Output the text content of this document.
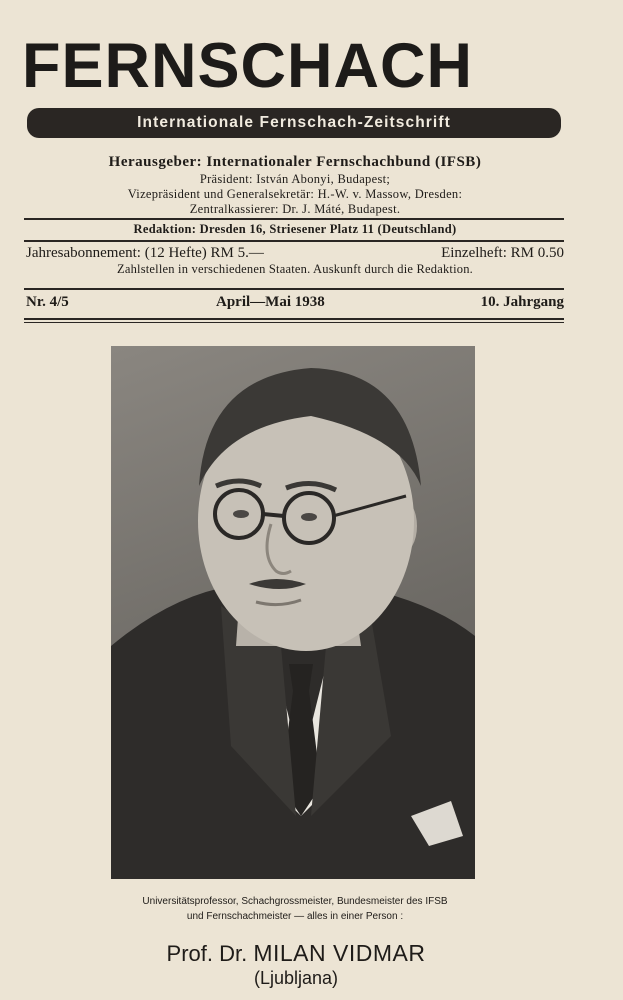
FERNSCHACH
Internationale Fernschach-Zeitschrift
Herausgeber: Internationaler Fernschachbund (IFSB)
Präsident: István Abonyi, Budapest;
Vizepräsident und Generalsekretär: H.-W. v. Massow, Dresden:
Zentralkassierer: Dr. J. Máté, Budapest.
Redaktion: Dresden 16, Striesener Platz 11 (Deutschland)
Jahresabonnement: (12 Hefte) RM 5.—	Einzelheft: RM 0.50
Zahlstellen in verschiedenen Staaten. Auskunft durch die Redaktion.
Nr. 4/5	April—Mai 1938	10. Jahrgang
Universitätsprofessor, Schachgrossmeister, Bundesmeister des IFSB
und Fernschachmeister — alles in einer Person :
Prof. Dr. MILAN VIDMAR
(Ljubljana)
